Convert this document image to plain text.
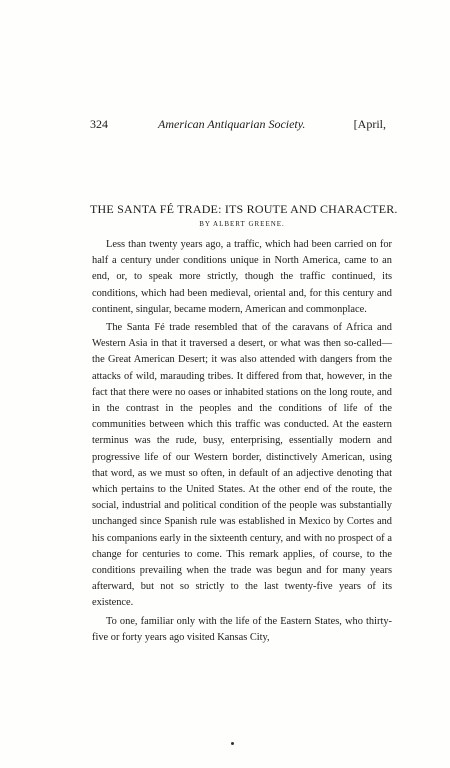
324	American Antiquarian Society.	[April,
THE SANTA FÉ TRADE: ITS ROUTE AND CHARACTER.
BY ALBERT GREENE.

Less than twenty years ago, a traffic, which had been carried on for half a century under conditions unique in North America, came to an end, or, to speak more strictly, though the traffic continued, its conditions, which had been medieval, oriental and, for this century and continent, singular, became modern, American and commonplace.

The Santa Fé trade resembled that of the caravans of Africa and Western Asia in that it traversed a desert, or what was then so-called—the Great American Desert; it was also attended with dangers from the attacks of wild, marauding tribes. It differed from that, however, in the fact that there were no oases or inhabited stations on the long route, and in the contrast in the peoples and the conditions of life of the communities between which this traffic was conducted. At the eastern terminus was the rude, busy, enterprising, essentially modern and progressive life of our Western border, distinctively American, using that word, as we must so often, in default of an adjective denoting that which pertains to the United States. At the other end of the route, the social, industrial and political condition of the people was substantially unchanged since Spanish rule was established in Mexico by Cortes and his companions early in the sixteenth century, and with no prospect of a change for centuries to come. This remark applies, of course, to the conditions prevailing when the trade was begun and for many years afterward, but not so strictly to the last twenty-five years of its existence.

To one, familiar only with the life of the Eastern States, who thirty-five or forty years ago visited Kansas City,
